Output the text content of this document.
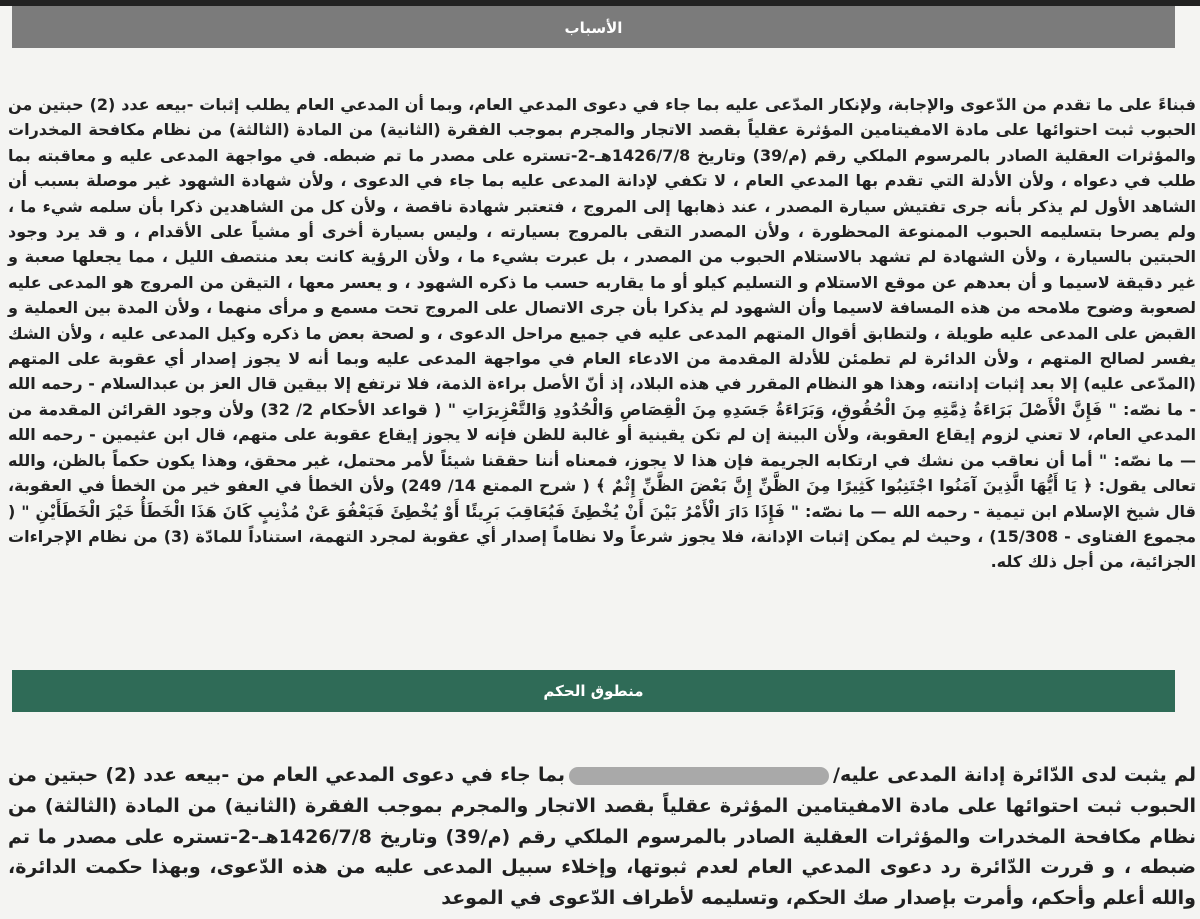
الأسباب

فبناءً على ما تقدم من الدّعوى والإجابة، ولإنكار المدّعى عليه بما جاء في دعوى المدعي العام، وبما أن المدعي العام يطلب إثبات -بيعه عدد (2) حبتين من الحبوب ثبت احتوائها على مادة الامفيتامين المؤثرة عقلياً بقصد الاتجار والمجرم بموجب الفقرة (الثانية) من المادة (الثالثة) من نظام مكافحة المخدرات والمؤثرات العقلية الصادر بالمرسوم الملكي رقم (م/39) وتاريخ 1426/7/8هـ-2-تستره على مصدر ما تم ضبطه. في مواجهة المدعى عليه و معاقبته بما طلب في دعواه ، ولأن الأدلة التي تقدم بها المدعي العام ، لا تكفي لإدانة المدعى عليه بما جاء في الدعوى ، ولأن شهادة الشهود غير موصلة بسبب أن الشاهد الأول لم يذكر بأنه جرى تفتيش سيارة المصدر ، عند ذهابها إلى المروج ، فتعتبر شهادة ناقصة ، ولأن كل من الشاهدين ذكرا بأن سلمه شيء ما ، ولم يصرحا بتسليمه الحبوب الممنوعة المحظورة ، ولأن المصدر التقى بالمروج بسيارته ، وليس بسيارة أخرى أو مشياً على الأقدام ، و قد يرد وجود الحبتين بالسيارة ، ولأن الشهادة لم تشهد بالاستلام الحبوب من المصدر ، بل عبرت بشيء ما ، ولأن الرؤية كانت بعد منتصف الليل ، مما يجعلها صعبة و غير دقيقة لاسيما و أن بعدهم عن موقع الاستلام و التسليم كيلو أو ما يقاربه حسب ما ذكره الشهود ، و يعسر معها ، التيقن من المروج هو المدعى عليه لصعوبة وضوح ملامحه من هذه المسافة لاسيما وأن الشهود لم يذكرا بأن جرى الاتصال على المروج تحت مسمع و مرأى منهما ، ولأن المدة بين العملية و القبض على المدعى عليه طويلة ، ولتطابق أقوال المتهم المدعى عليه في جميع مراحل الدعوى ، و لصحة بعض ما ذكره وكيل المدعى عليه ، ولأن الشك يفسر لصالح المتهم ، ولأن الدائرة لم تطمئن للأدلة المقدمة من الادعاء العام في مواجهة المدعى عليه وبما أنه لا يجوز إصدار أي عقوبة على المتهم (المدّعى عليه) إلا بعد إثبات إدانته، وهذا هو النظام المقرر في هذه البلاد، إذ أنّ الأصل براءة الذمة، فلا ترتفع إلا بيقين قال العز بن عبدالسلام - رحمه الله - ما نصّه: " فَإِنَّ الْأَصْلَ بَرَاءَةُ ذِمَّتِهِ مِنَ الْحُقُوقِ، وَبَرَاءَةُ جَسَدِهِ مِنَ الْقِصَاصِ وَالْحُدُودِ وَالتَّعْزِيرَاتِ " ( قواعد الأحكام 2/ 32) ولأن وجود القرائن المقدمة من المدعي العام، لا تعني لزوم إيقاع العقوبة، ولأن البينة إن لم تكن يقينية أو غالبة للظن فإنه لا يجوز إيقاع عقوبة على متهم، قال ابن عثيمين - رحمه الله — ما نصّه: " أما أن نعاقب من نشك في ارتكابه الجريمة فإن هذا لا يجوز، فمعناه أننا حققنا شيئاً لأمر محتمل، غير محقق، وهذا يكون حكماً بالظن، والله تعالى يقول: ﴿ يَا أَيُّهَا الَّذِينَ آمَنُوا اجْتَنِبُوا كَثِيرًا مِنَ الظَّنِّ إِنَّ بَعْضَ الظَّنِّ إِثْمٌ ﴾ ( شرح الممتع 14/ 249) ولأن الخطأ في العفو خير من الخطأ في العقوبة، قال شيخ الإسلام ابن تيمية - رحمه الله — ما نصّه: " فَإِذَا دَارَ الْأَمْرُ بَيْنَ أَنْ يُخْطِئَ فَيُعَاقِبَ بَرِيئًا أَوْ يُخْطِئَ فَيَعْفُوَ عَنْ مُذْنِبٍ كَانَ هَذَا الْخَطَأُ خَيْرَ الْخَطَأَيْنِ " ( مجموع الفتاوى - 15/308) ، وحيث لم يمكن إثبات الإدانة، فلا يجوز شرعاً ولا نظاماً إصدار أي عقوبة لمجرد التهمة، استناداً للمادّة (3) من نظام الإجراءات الجزائية، من أجل ذلك كله.

منطوق الحكم

لم يثبت لدى الدّائرة إدانة المدعى عليه/بما جاء في دعوى المدعي العام من -بيعه عدد (2) حبتين من الحبوب ثبت احتوائها على مادة الامفيتامين المؤثرة عقلياً بقصد الاتجار والمجرم بموجب الفقرة (الثانية) من المادة (الثالثة) من نظام مكافحة المخدرات والمؤثرات العقلية الصادر بالمرسوم الملكي رقم (م/39) وتاريخ 1426/7/8هـ-2-تستره على مصدر ما تم ضبطه ، و قررت الدّائرة رد دعوى المدعي العام لعدم ثبوتها، وإخلاء سبيل المدعى عليه من هذه الدّعوى، وبهذا حكمت الدائرة، والله أعلم وأحكم، وأمرت بإصدار صك الحكم، وتسليمه لأطراف الدّعوى في الموعد
